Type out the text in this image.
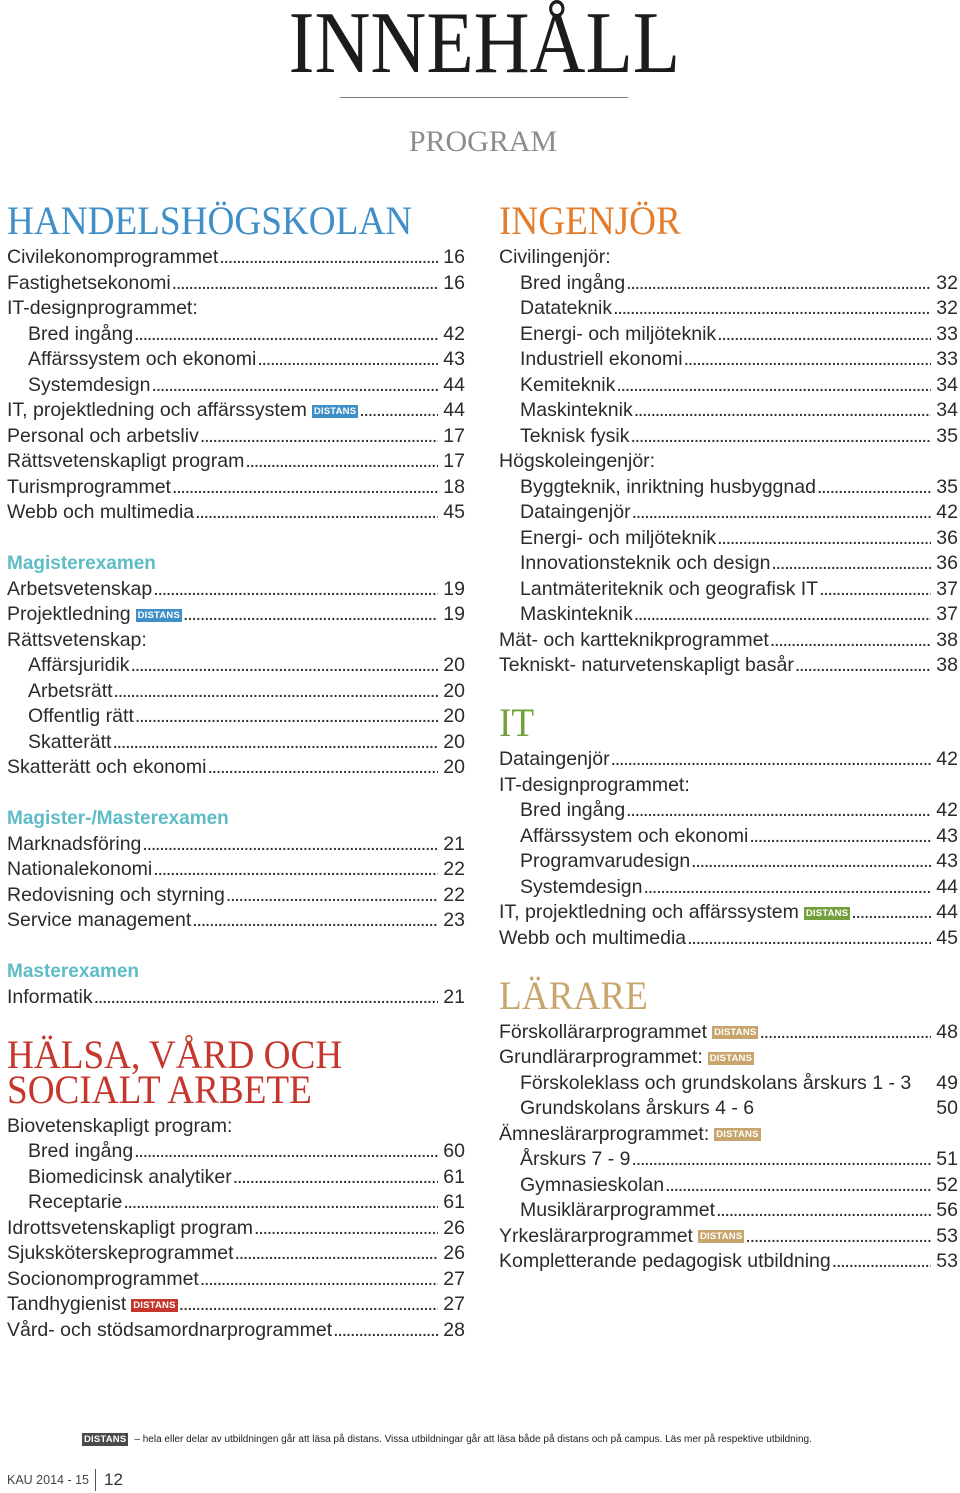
INNEHÅLL
PROGRAM
HANDELSHÖGSKOLAN
Civilekonomprogrammet .....	16
Fastighetsekonomi .....	16
IT-designprogrammet:
Bred ingång .....	42
Affärssystem och ekonomi .....	43
Systemdesign .....	44
IT, projektledning och affärssystem DISTANS .....	44
Personal och arbetsliv .....	17
Rättsvetenskapligt program .....	17
Turismprogrammet .....	18
Webb och multimedia .....	45
Magisterexamen
Arbetsvetenskap .....	19
Projektledning DISTANS .....	19
Rättsvetenskap:
Affärsjuridik .....	20
Arbetsrätt .....	20
Offentlig rätt .....	20
Skatterätt .....	20
Skatterätt och ekonomi .....	20
Magister-/Masterexamen
Marknadsföring .....	21
Nationalekonomi .....	22
Redovisning och styrning .....	22
Service management .....	23
Masterexamen
Informatik .....	21
HÄLSA, VÅRD OCH
SOCIALT ARBETE
Biovetenskapligt program:
Bred ingång .....	60
Biomedicinsk analytiker .....	61
Receptarie .....	61
Idrottsvetenskapligt program .....	26
Sjuksköterskeprogrammet .....	26
Socionomprogrammet .....	27
Tandhygienist DISTANS .....	27
Vård- och stödsamordnarprogrammet .....	28
INGENJÖR
Civilingenjör:
Bred ingång .....	32
Datateknik .....	32
Energi- och miljöteknik .....	33
Industriell ekonomi .....	33
Kemiteknik .....	34
Maskinteknik .....	34
Teknisk fysik .....	35
Högskoleingenjör:
Byggteknik, inriktning husbyggnad .....	35
Dataingenjör .....	42
Energi- och miljöteknik .....	36
Innovationsteknik och design .....	36
Lantmäteriteknik och geografisk IT .....	37
Maskinteknik .....	37
Mät- och kartteknikprogrammet .....	38
Tekniskt- naturvetenskapligt basår .....	38
IT
Dataingenjör .....	42
IT-designprogrammet:
Bred ingång .....	42
Affärssystem och ekonomi .....	43
Programvarudesign .....	43
Systemdesign .....	44
IT, projektledning och affärssystem DISTANS .....	44
Webb och multimedia .....	45
LÄRARE
Förskollärarprogrammet DISTANS .....	48
Grundlärarprogrammet: DISTANS
Förskoleklass och grundskolans årskurs 1 - 3 49
Grundskolans årskurs 4 - 6	50
Ämneslärarprogrammet: DISTANS
Årskurs 7 - 9 .....	51
Gymnasieskolan .....	52
Musiklärarprogrammet .....	56
Yrkeslärarprogrammet DISTANS .....	53
Kompletterande pedagogisk utbildning .....	53
DISTANS – hela eller delar av utbildningen går att läsa på distans. Vissa utbildningar går att läsa både på distans och på campus. Läs mer på respektive utbildning.
KAU 2014 - 15 12
